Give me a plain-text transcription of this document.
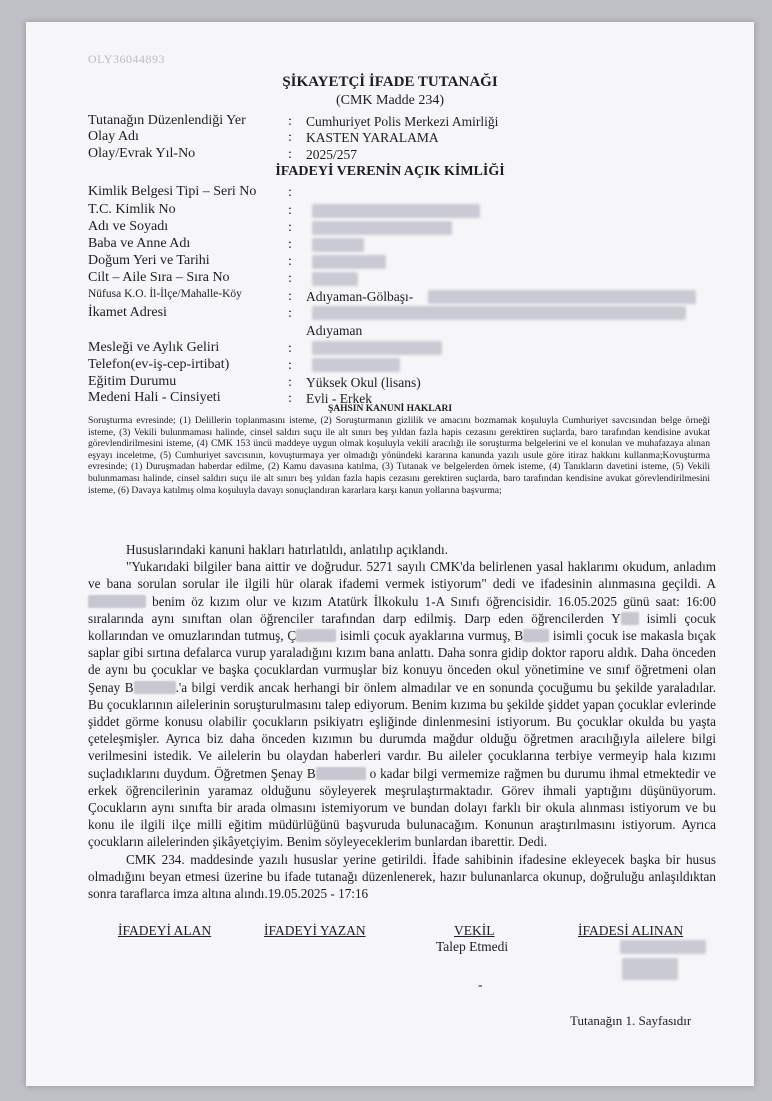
OLY36044893
ŞİKAYETÇİ İFADE TUTANAĞI
(CMK Madde 234)
Tutanağın Düzenlendiği Yer	: Cumhuriyet Polis Merkezi Amirliği
Olay Adı	: KASTEN YARALAMA
Olay/Evrak Yıl-No	: 2025/257
İFADEYİ VERENİN AÇIK KİMLİĞİ
Kimlik Belgesi Tipi – Seri No :
T.C. Kimlik No	:
Adı ve Soyadı	:
Baba ve Anne Adı	:
Doğum Yeri ve Tarihi	:
Cilt – Aile Sıra – Sıra No	:
Nüfusa K.O. İl-İlçe/Mahalle-Köy	: Adıyaman-Gölbaşı-
İkamet Adresi	:
Adıyaman
Mesleği ve Aylık Geliri	:
Telefon(ev-iş-cep-irtibat)	:
Eğitim Durumu	: Yüksek Okul (lisans)
Medeni Hali - Cinsiyeti	: Evli - Erkek
ŞAHSIN KANUNİ HAKLARI
Soruşturma evresinde; (1) Delillerin toplanmasını isteme, (2) Soruşturmanın gizlilik ve amacını bozmamak koşuluyla Cumhuriyet savcısından belge örneği isteme, (3) Vekili bulunmaması halinde, cinsel saldırı suçu ile alt sınırı beş yıldan fazla hapis cezasını gerektiren suçlarda, baro tarafından kendisine avukat görevlendirilmesini isteme, (4) CMK 153 üncü maddeye uygun olmak koşuluyla vekili aracılığı ile soruşturma belgelerini ve el konulan ve muhafazaya alınan eşyayı inceletme, (5) Cumhuriyet savcısının, kovuşturmaya yer olmadığı yönündeki kararına kanunda yazılı usule göre itiraz hakkını kullanma;Kovuşturma evresinde; (1) Duruşmadan haberdar edilme, (2) Kamu davasına katılma, (3) Tutanak ve belgelerden örnek isteme, (4) Tanıkların davetini isteme, (5) Vekili bulunmaması halinde, cinsel saldırı suçu ile alt sınırı beş yıldan fazla hapis cezasını gerektiren suçlarda, baro tarafından kendisine avukat görevlendirilmesini isteme, (6) Davaya katılmış olma koşuluyla davayı sonuçlandıran kararlara karşı kanun yollarına başvurma;

Hususlarındaki kanuni hakları hatırlatıldı, anlatılıp açıklandı.

"Yukarıdaki bilgiler bana aittir ve doğrudur. 5271 sayılı CMK'da belirlenen yasal haklarımı okudum, anladım ve bana sorulan sorular ile ilgili hür olarak ifademi vermek istiyorum" dedi ve ifadesinin alınmasına geçildi. A benim öz kızım olur ve kızım Atatürk İlkokulu 1-A Sınıfı öğrencisidir. 16.05.2025 günü saat: 16:00 sıralarında aynı sınıftan olan öğrenciler tarafından darp edilmiş. Darp eden öğrencilerden Y isimli çocuk kollarından ve omuzlarından tutmuş, Ç	isimli çocuk ayaklarına vurmuş, B isimli çocuk ise makasla bıçak saplar gibi sırtına defalarca vurup yaraladığını kızım bana anlattı. Daha sonra gidip doktor raporu aldık. Daha önceden de aynı bu çocuklar ve başka çocuklardan vurmuşlar biz konuyu önceden okul yönetimine ve sınıf öğretmeni olan Şenay B	.'a bilgi verdik ancak herhangi bir önlem almadılar ve en sonunda çocuğumu bu şekilde yaraladılar. Bu çocuklarının ailelerinin soruşturulmasını talep ediyorum. Benim kızıma bu şekilde şiddet yapan çocuklar evlerinde şiddet görme konusu olabilir çocukların psikiyatrı eşliğinde dinlenmesini istiyorum. Bu çocuklar okulda bu yaşta çeteleşmişler. Ayrıca biz daha önceden kızımın bu durumda mağdur olduğu öğretmen aracılığıyla ailelere bilgi verilmesini istedik. Ve ailelerin bu olaydan haberleri vardır. Bu aileler çocuklarına terbiye vermeyip hala kızımı suçladıklarını duydum. Öğretmen Şenay B	o kadar bilgi vermemize rağmen bu durumu ihmal etmektedir ve erkek öğrencilerinin yaramaz olduğunu söyleyerek meşrulaştırmaktadır. Görev ihmali yaptığını düşünüyorum. Çocukların aynı sınıfta bir arada olmasını istemiyorum ve bundan dolayı farklı bir okula alınması istiyorum ve bu konu ile ilgili ilçe milli eğitim müdürlüğünü başvuruda bulunacağım. Konunun araştırılmasını istiyorum. Ayrıca çocukların ailelerinden şikâyetçiyim. Benim söyleyeceklerim bunlardan ibarettir. Dedi.

CMK 234. maddesinde yazılı hususlar yerine getirildi. İfade sahibinin ifadesine ekleyecek başka bir husus olmadığını beyan etmesi üzerine bu ifade tutanağı düzenlenerek, hazır bulunanlarca okunup, doğruluğu anlaşıldıktan sonra taraflarca imza altına alındı.19.05.2025 - 17:16

İFADEYİ ALAN	İFADEYİ YAZAN	VEKİL
Talep Etmedi
İFADESİ ALINAN
-
Tutanağın 1. Sayfasıdır
